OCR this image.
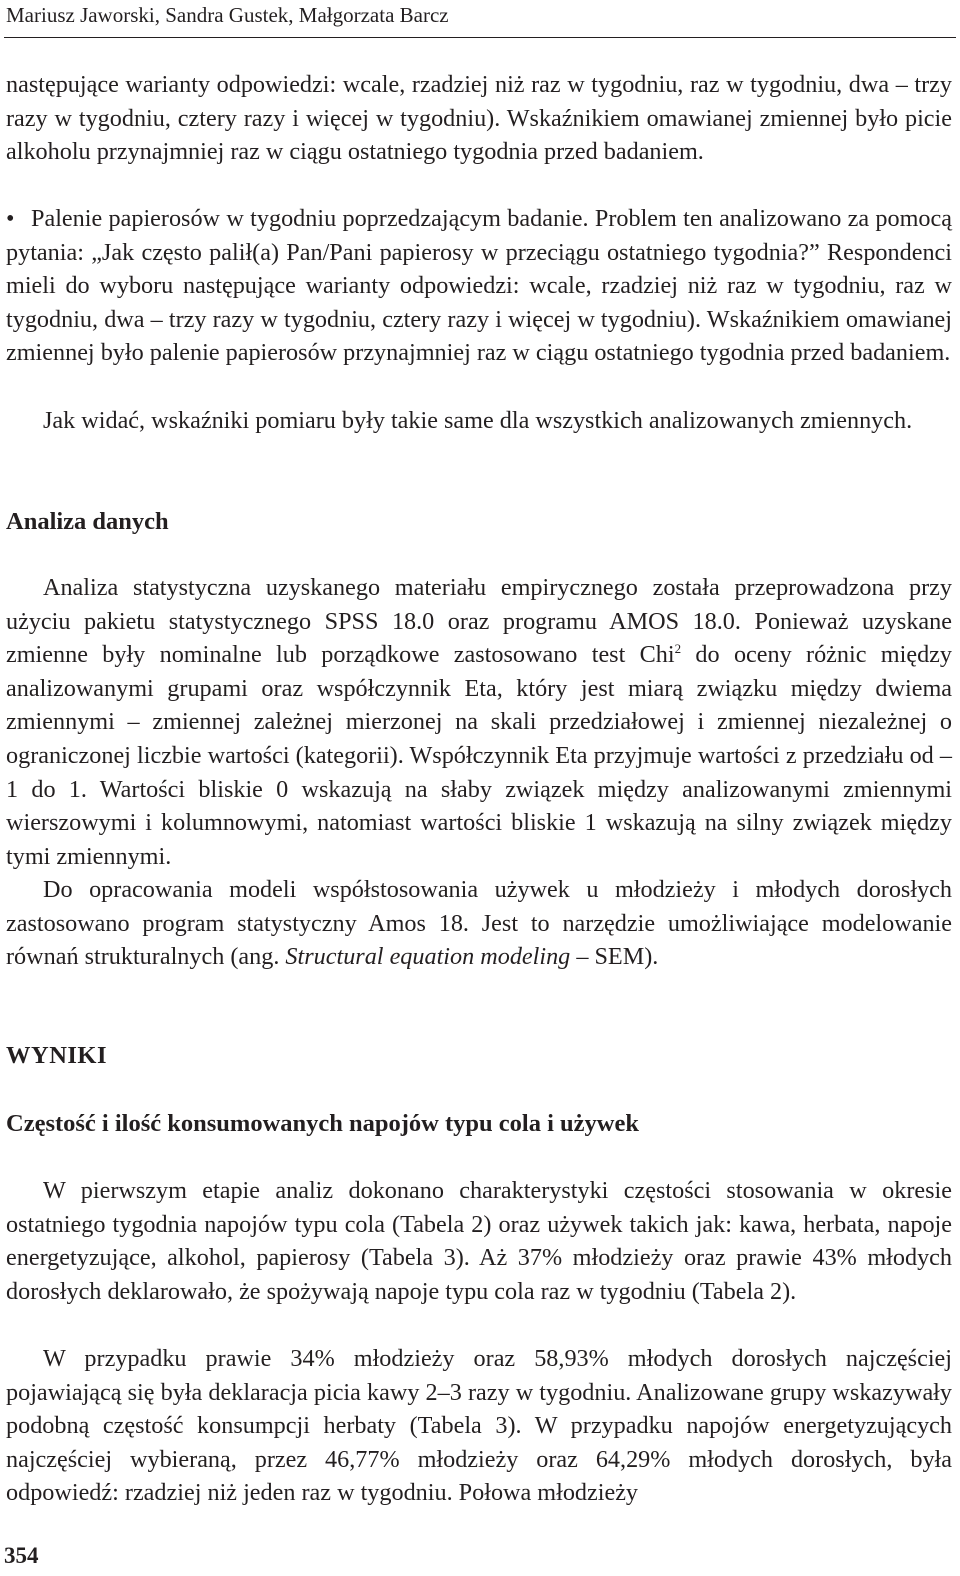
Mariusz Jaworski, Sandra Gustek, Małgorzata Barcz

następujące warianty odpowiedzi: wcale, rzadziej niż raz w tygodniu, raz w tygodniu, dwa – trzy razy w tygodniu, cztery razy i więcej w tygodniu). Wskaźnikiem omawianej zmiennej było picie alkoholu przynajmniej raz w ciągu ostatniego tygodnia przed badaniem.

• Palenie papierosów w tygodniu poprzedzającym badanie. Problem ten analizowano za pomocą pytania: „Jak często palił(a) Pan/Pani papierosy w przeciągu ostatniego tygodnia?” Respondenci mieli do wyboru następujące warianty odpowiedzi: wcale, rzadziej niż raz w tygodniu, raz w tygodniu, dwa – trzy razy w tygodniu, cztery razy i więcej w tygodniu). Wskaźnikiem omawianej zmiennej było palenie papierosów przynajmniej raz w ciągu ostatniego tygodnia przed badaniem.

Jak widać, wskaźniki pomiaru były takie same dla wszystkich analizowanych zmiennych.

Analiza danych

Analiza statystyczna uzyskanego materiału empirycznego została przeprowadzona przy użyciu pakietu statystycznego SPSS 18.0 oraz programu AMOS 18.0. Ponieważ uzyskane zmienne były nominalne lub porządkowe zastosowano test Chi$^2$ do oceny różnic między analizowanymi grupami oraz współczynnik Eta, który jest miarą związku między dwiema zmiennymi – zmiennej zależnej mierzonej na skali przedziałowej i zmiennej niezależnej o ograniczonej liczbie wartości (kategorii). Współczynnik Eta przyjmuje wartości z przedziału od –1 do 1. Wartości bliskie 0 wskazują na słaby związek między analizowanymi zmiennymi wierszowymi i kolumnowymi, natomiast wartości bliskie 1 wskazują na silny związek między tymi zmiennymi.

Do opracowania modeli współstosowania używek u młodzieży i młodych dorosłych zastosowano program statystyczny Amos 18. Jest to narzędzie umożliwiające modelowanie równań strukturalnych (ang. Structural equation modeling – SEM).

WYNIKI
Częstość i ilość konsumowanych napojów typu cola i używek

W pierwszym etapie analiz dokonano charakterystyki częstości stosowania w okresie ostatniego tygodnia napojów typu cola (Tabela 2) oraz używek takich jak: kawa, herbata, napoje energetyzujące, alkohol, papierosy (Tabela 3). Aż 37% młodzieży oraz prawie 43% młodych dorosłych deklarowało, że spożywają napoje typu cola raz w tygodniu (Tabela 2).

W przypadku prawie 34% młodzieży oraz 58,93% młodych dorosłych najczęściej pojawiającą się była deklaracja picia kawy 2–3 razy w tygodniu. Analizowane grupy wskazywały podobną częstość konsumpcji herbaty (Tabela 3). W przypadku napojów energetyzujących najczęściej wybieraną, przez 46,77% młodzieży oraz 64,29% młodych dorosłych, była odpowiedź: rzadziej niż jeden raz w tygodniu. Połowa młodzieży

354
